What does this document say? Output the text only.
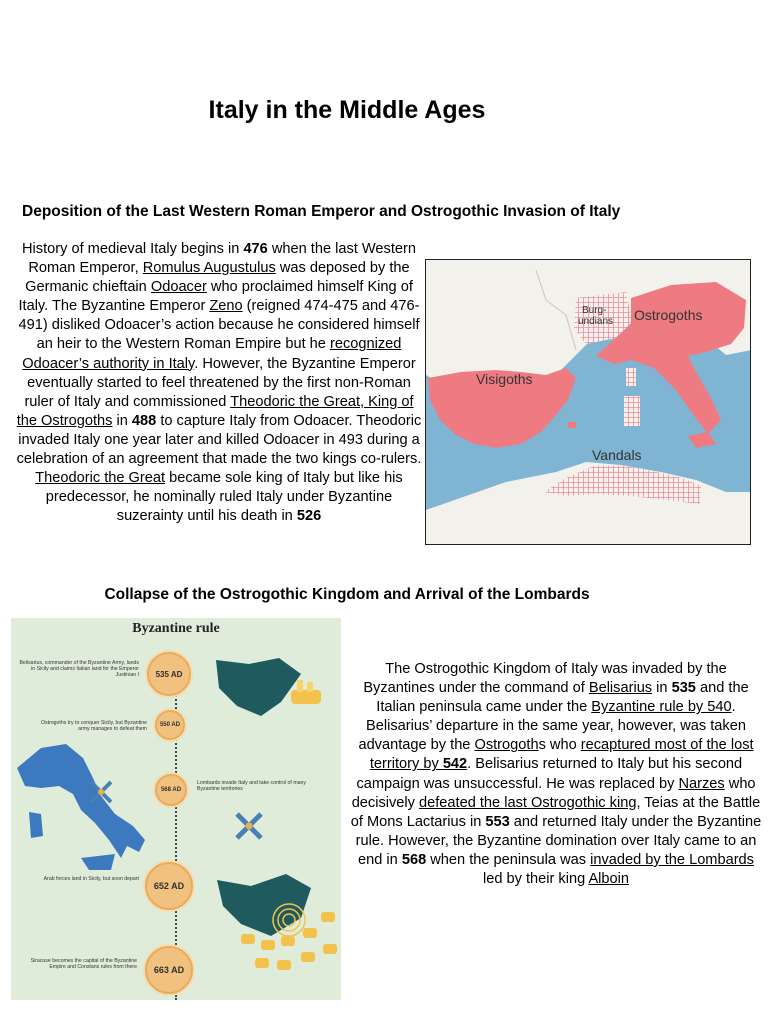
Italy in the Middle Ages
Deposition of the Last Western Roman Emperor and Ostrogothic Invasion of Italy
History of medieval Italy begins in 476 when the last Western Roman Emperor, Romulus Augustulus was deposed by the Germanic chieftain Odoacer who proclaimed himself King of Italy. The Byzantine Emperor Zeno (reigned 474-475 and 476-491) disliked Odoacer’s action because he considered himself an heir to the Western Roman Empire but he recognized Odoacer’s authority in Italy. However, the Byzantine Emperor eventually started to feel threatened by the first non-Roman ruler of Italy and commissioned Theodoric the Great, King of the Ostrogoths in 488 to capture Italy from Odoacer. Theodoric invaded Italy one year later and killed Odoacer in 493 during a celebration of an agreement that made the two kings co-rulers. Theodoric the Great became sole king of Italy but like his predecessor, he nominally ruled Italy under Byzantine suzerainty until his death in 526
Burg-
undians Ostrogoths
Visigoths
Vandals
Collapse of the Ostrogothic Kingdom and Arrival of the Lombards
Byzantine rule
535 AD
550 AD
568 AD
652 AD
663 AD
Belisarius, commander of the Byzantine Army, lands in Sicily and claims Italian land for the Emperor Justinian I
Ostrogoths try to conquer Sicily, but Byzantine army manages to defeat them
Lombards invade Italy and take control of many Byzantine territories
Arab forces land in Sicily, but soon depart
Siracuse becomes the capital of the Byzantine Empire and Constans rules from there
The Ostrogothic Kingdom of Italy was invaded by the Byzantines under the command of Belisarius in 535 and the Italian peninsula came under the Byzantine rule by 540. Belisarius’ departure in the same year, however, was taken advantage by the Ostrogoths who recaptured most of the lost territory by 542. Belisarius returned to Italy but his second campaign was unsuccessful. He was replaced by Narzes who decisively defeated the last Ostrogothic king, Teias at the Battle of Mons Lactarius in 553 and returned Italy under the Byzantine rule. However, the Byzantine domination over Italy came to an end in 568 when the peninsula was invaded by the Lombards led by their king Alboin
